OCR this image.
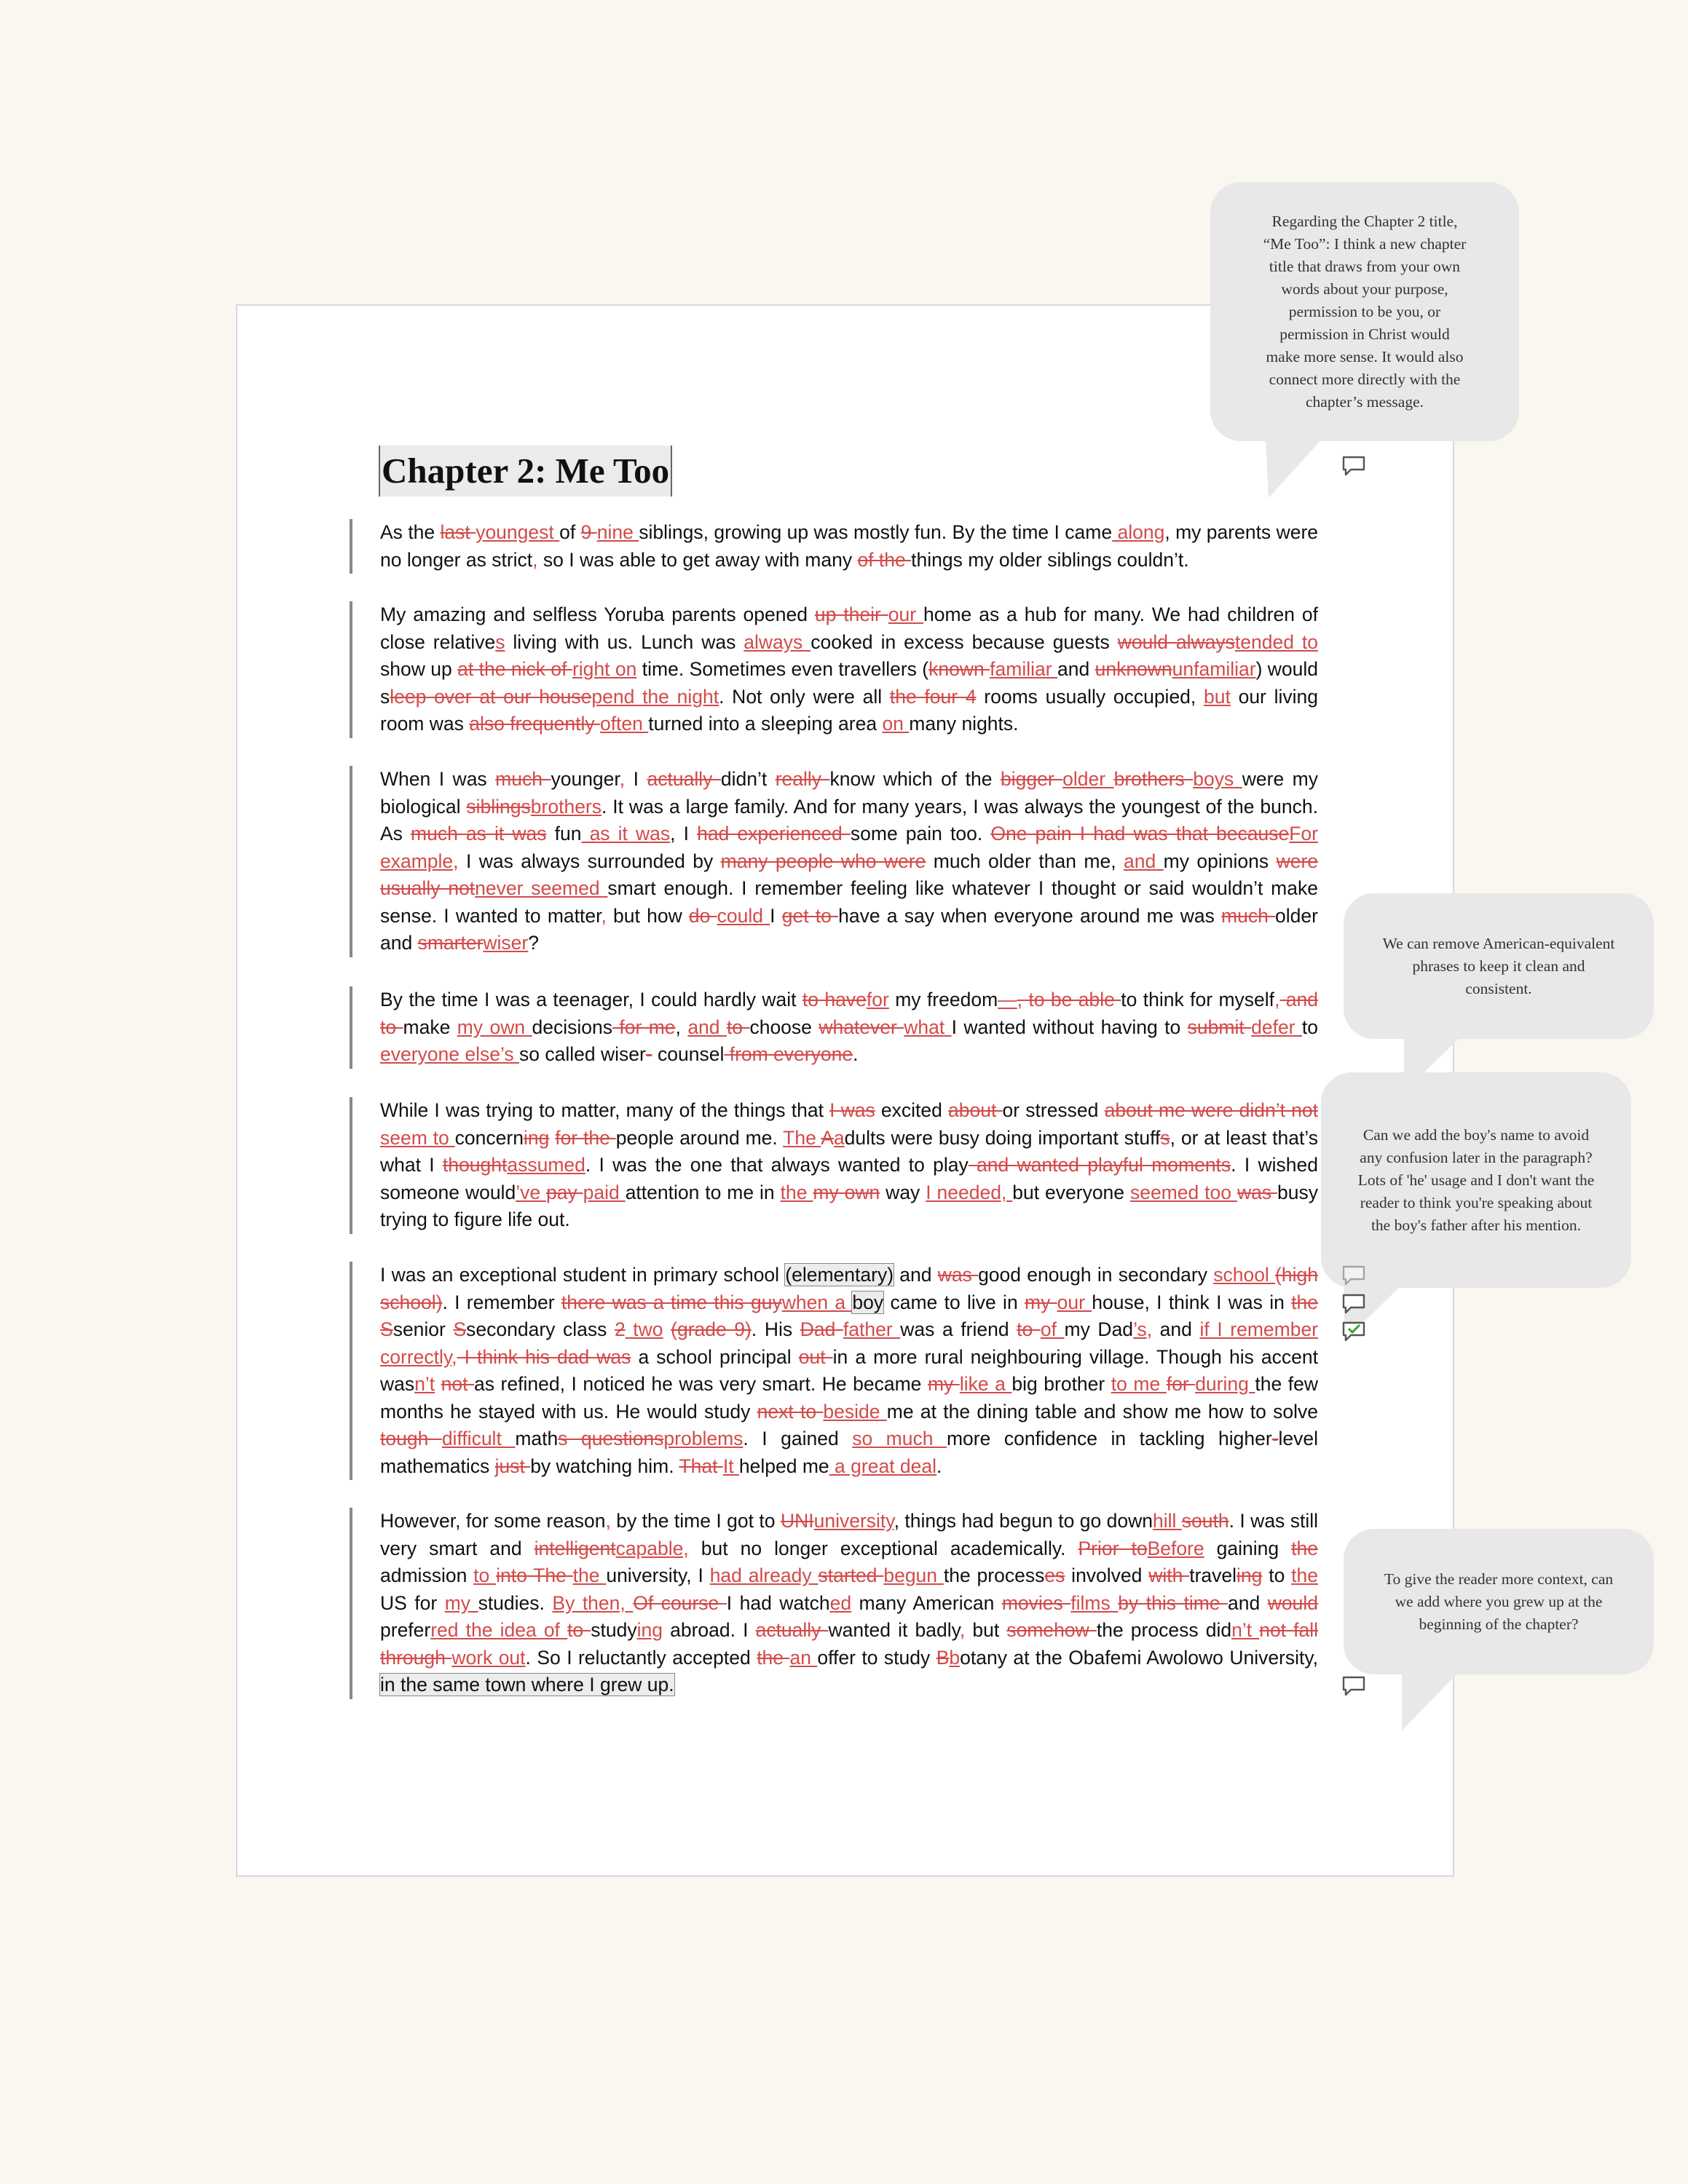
Chapter 2: Me Too
As the last youngest of 9 nine siblings, growing up was mostly fun. By the time I came along, my parents were no longer as strict, so I was able to get away with many of the things my older siblings couldn’t.
My amazing and selfless Yoruba parents opened up their our home as a hub for many. We had children of close relatives living with us. Lunch was always cooked in excess because guests would alwaystended to show up at the nick of right on time. Sometimes even travellers (known familiar and unknownunfamiliar) would sleep over at our housepend the night. Not only were all the four 4 rooms usually occupied, but our living room was also frequently often turned into a sleeping area on many nights.
When I was much younger, I actually didn’t really know which of the bigger older brothers boys were my biological siblingsbrothers. It was a large family. And for many years, I was always the youngest of the bunch. As much as it was fun as it was, I had experienced some pain too. One pain I had was that becauseFor example, I was always surrounded by many people who were much older than me, and my opinions were usually notnever seemed smart enough. I remember feeling like whatever I thought or said wouldn’t make sense. I wanted to matter, but how do could I get to have a say when everyone around me was much older and smarterwiser?
By the time I was a teenager, I could hardly wait to havefor my freedom—, to be able to think for myself, and to make my own decisions for me, and to choose whatever what I wanted without having to submit defer to everyone else’s so called wiser- counsel from everyone.
While I was trying to matter, many of the things that I was excited about or stressed about me were didn’t not seem to concerning for the people around me. The Aadults were busy doing important stuffs, or at least that’s what I thoughtassumed. I was the one that always wanted to play and wanted playful moments. I wished someone would’ve pay paid attention to me in the my own way I needed, but everyone seemed too was busy trying to figure life out.
I was an exceptional student in primary school (elementary) and was good enough in secondary school (high school). I remember there was a time this guywhen a boy came to live in my our house, I think I was in the Ssenior Ssecondary class 2 two (grade 9). His Dad father was a friend to of my Dad’s, and if I remember correctly, I think his dad was a school principal out in a more rural neighbouring village. Though his accent wasn’t not as refined, I noticed he was very smart. He became my like a big brother to me for during the few months he stayed with us. He would study next to beside me at the dining table and show me how to solve tough difficult maths questionsproblems. I gained so much more confidence in tackling higher-level mathematics just by watching him. That It helped me a great deal.
However, for some reason, by the time I got to UNIuniversity, things had begun to go downhill south. I was still very smart and intelligentcapable, but no longer exceptional academically. Prior toBefore gaining the admission to into The the university, I had already started begun the processes involved with traveling to the US for my studies. By then, Of course I had watched many American movies films by this time and would preferred the idea of to studying abroad. I actually wanted it badly, but somehow the process didn’t not fall through work out. So I reluctantly accepted the an offer to study Bbotany at the Obafemi Awolowo University, in the same town where I grew up.
Regarding the Chapter 2 title, “Me Too”: I think a new chapter title that draws from your own words about your purpose, permission to be you, or permission in Christ would make more sense. It would also connect more directly with the chapter’s message.
We can remove American-equivalent phrases to keep it clean and consistent.
Can we add the boy's name to avoid any confusion later in the paragraph? Lots of 'he' usage and I don't want the reader to think you're speaking about the boy's father after his mention.
To give the reader more context, can we add where you grew up at the beginning of the chapter?
